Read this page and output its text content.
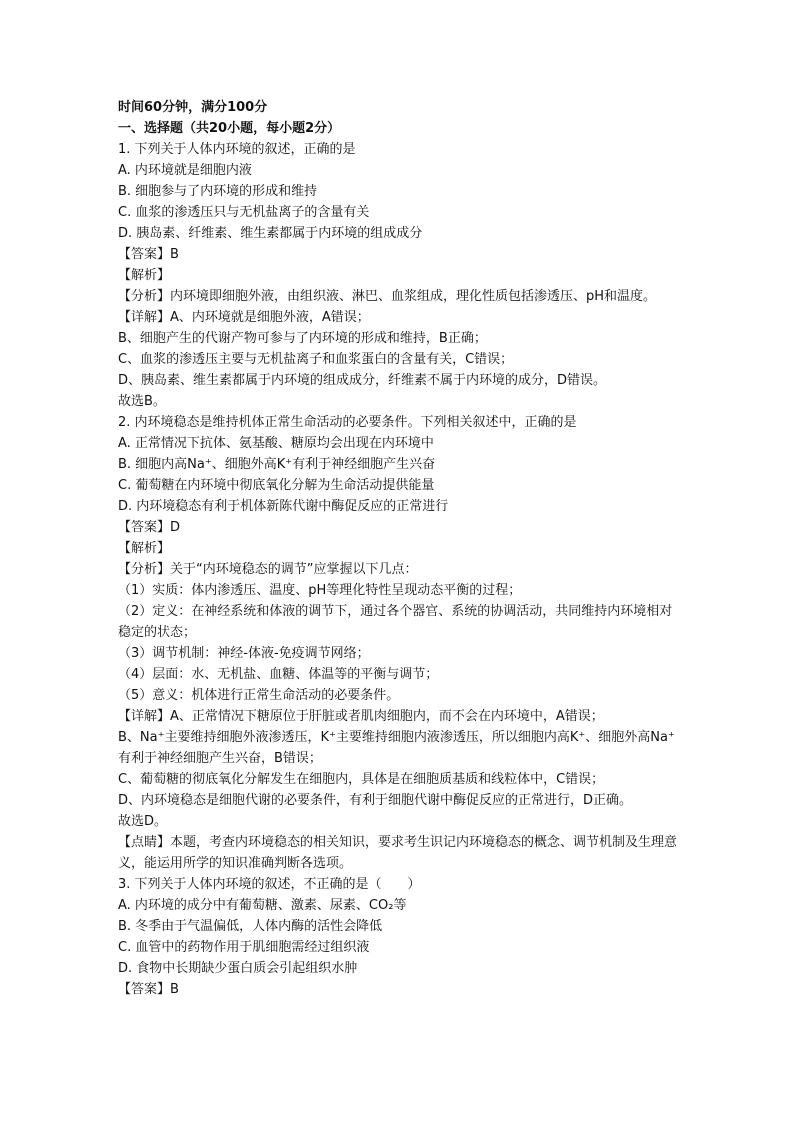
时间60分钟，满分100分

一、选择题（共20小题，每小题2分）

1. 下列关于人体内环境的叙述，正确的是

A. 内环境就是细胞内液

B. 细胞参与了内环境的形成和维持

C. 血浆的渗透压只与无机盐离子的含量有关

D. 胰岛素、纤维素、维生素都属于内环境的组成成分

【答案】B

【解析】

【分析】内环境即细胞外液，由组织液、淋巴、血浆组成，理化性质包括渗透压、pH和温度。

【详解】A、内环境就是细胞外液，A错误；

B、细胞产生的代谢产物可参与了内环境的形成和维持，B正确；

C、血浆的渗透压主要与无机盐离子和血浆蛋白的含量有关，C错误；

D、胰岛素、维生素都属于内环境的组成成分，纤维素不属于内环境的成分，D错误。

故选B。

2. 内环境稳态是维持机体正常生命活动的必要条件。下列相关叙述中，正确的是

A. 正常情况下抗体、氨基酸、糖原均会出现在内环境中

B. 细胞内高Na⁺、细胞外高K⁺有利于神经细胞产生兴奋

C. 葡萄糖在内环境中彻底氧化分解为生命活动提供能量

D. 内环境稳态有利于机体新陈代谢中酶促反应的正常进行

【答案】D

【解析】

【分析】关于“内环境稳态的调节”应掌握以下几点：

（1）实质：体内渗透压、温度、pH等理化特性呈现动态平衡的过程；

（2）定义：在神经系统和体液的调节下，通过各个器官、系统的协调活动，共同维持内环境相对稳定的状态；

（3）调节机制：神经-体液-免疫调节网络；

（4）层面：水、无机盐、血糖、体温等的平衡与调节；

（5）意义：机体进行正常生命活动的必要条件。

【详解】A、正常情况下糖原位于肝脏或者肌肉细胞内，而不会在内环境中，A错误；

B、Na⁺主要维持细胞外液渗透压，K⁺主要维持细胞内液渗透压，所以细胞内高K⁺、细胞外高Na⁺有利于神经细胞产生兴奋，B错误；

C、葡萄糖的彻底氧化分解发生在细胞内，具体是在细胞质基质和线粒体中，C错误；

D、内环境稳态是细胞代谢的必要条件，有利于细胞代谢中酶促反应的正常进行，D正确。

故选D。

【点睛】本题，考查内环境稳态的相关知识，要求考生识记内环境稳态的概念、调节机制及生理意义，能运用所学的知识准确判断各选项。

3. 下列关于人体内环境的叙述，不正确的是（　　）

A. 内环境的成分中有葡萄糖、激素、尿素、CO₂等

B. 冬季由于气温偏低，人体内酶的活性会降低

C. 血管中的药物作用于肌细胞需经过组织液

D. 食物中长期缺少蛋白质会引起组织水肿

【答案】B
